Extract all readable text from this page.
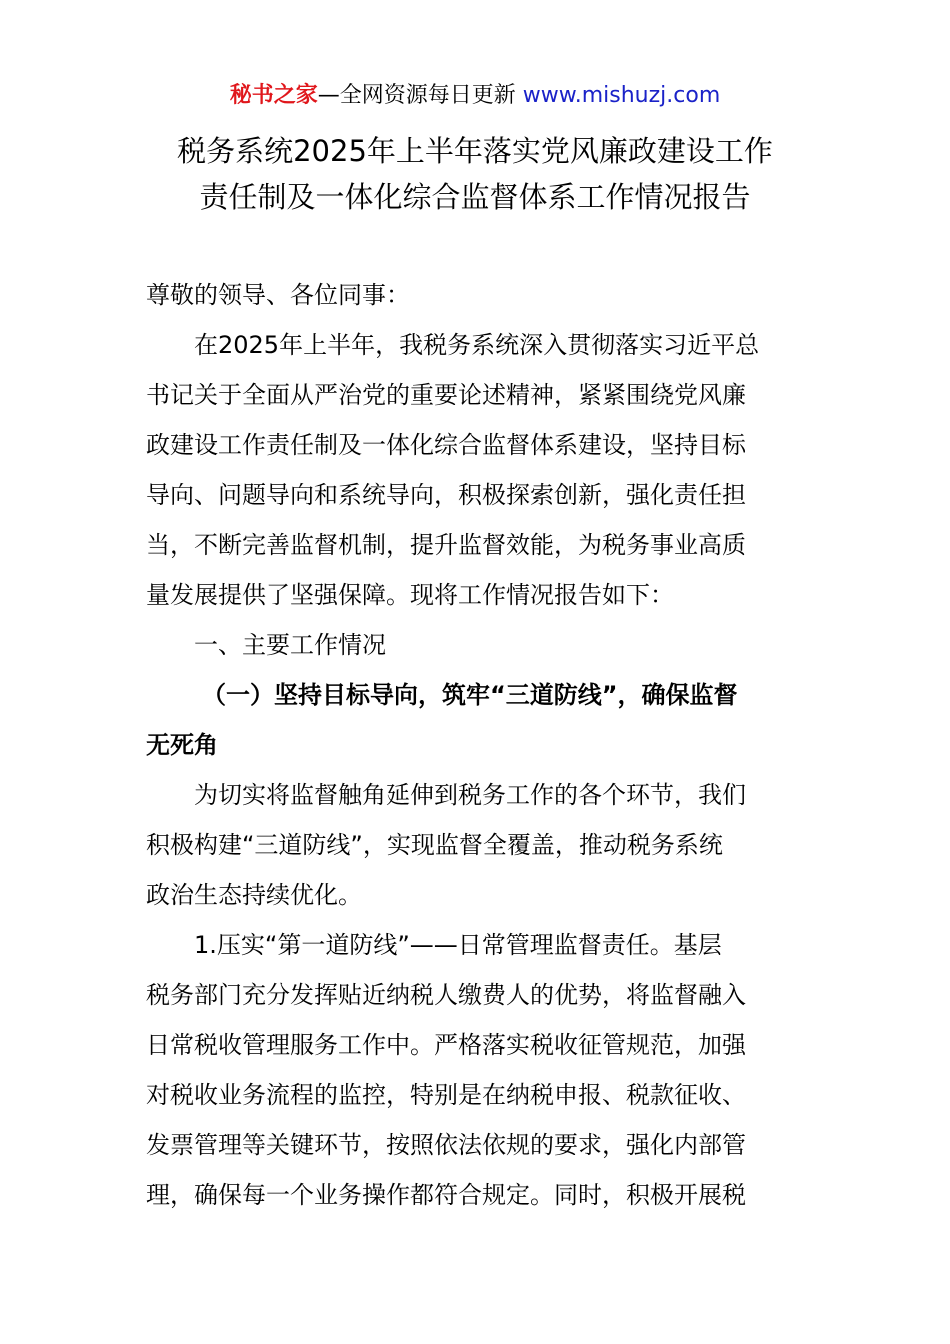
秘书之家—全网资源每日更新 www.mishuzj.com
税务系统2025年上半年落实党风廉政建设工作
责任制及一体化综合监督体系工作情况报告
尊敬的领导、各位同事：
在2025年上半年，我税务系统深入贯彻落实习近平总
书记关于全面从严治党的重要论述精神，紧紧围绕党风廉
政建设工作责任制及一体化综合监督体系建设，坚持目标
导向、问题导向和系统导向，积极探索创新，强化责任担
当，不断完善监督机制，提升监督效能，为税务事业高质
量发展提供了坚强保障。现将工作情况报告如下：
一、主要工作情况
（一）坚持目标导向，筑牢“三道防线”，确保监督
无死角
为切实将监督触角延伸到税务工作的各个环节，我们
积极构建“三道防线”，实现监督全覆盖，推动税务系统
政治生态持续优化。
1.压实“第一道防线”——日常管理监督责任。基层
税务部门充分发挥贴近纳税人缴费人的优势，将监督融入
日常税收管理服务工作中。严格落实税收征管规范，加强
对税收业务流程的监控，特别是在纳税申报、税款征收、
发票管理等关键环节，按照依法依规的要求，强化内部管
理，确保每一个业务操作都符合规定。同时，积极开展税
